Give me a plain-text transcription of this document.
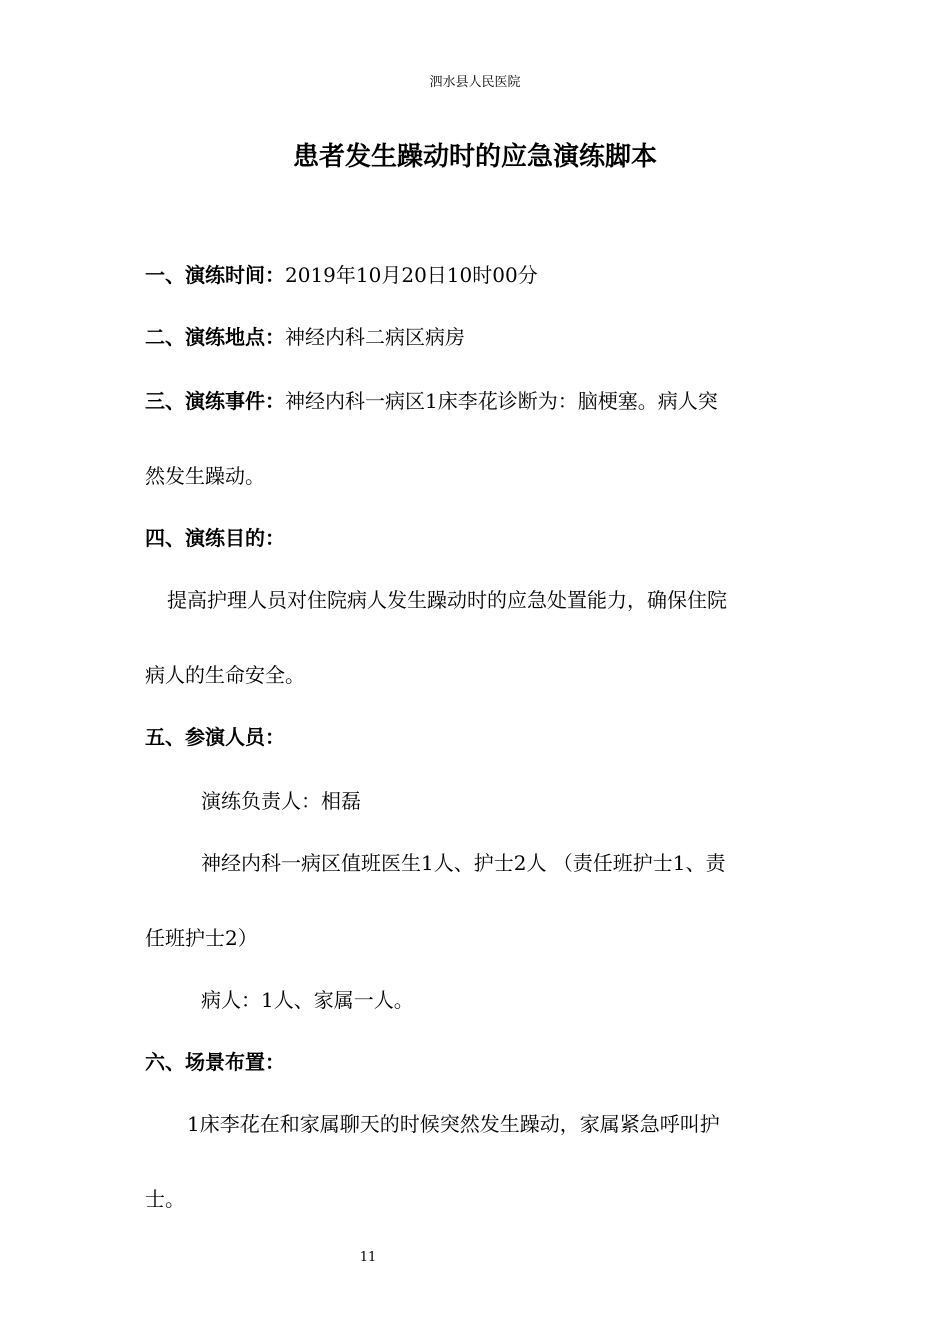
泗水县人民医院
患者发生躁动时的应急演练脚本
一、演练时间：2019年10月20日10时00分
二、演练地点：神经内科二病区病房
三、演练事件：神经内科一病区1床李花诊断为：脑梗塞。病人突
然发生躁动。
四、演练目的：
提高护理人员对住院病人发生躁动时的应急处置能力，确保住院
病人的生命安全。
五、参演人员：
演练负责人：相磊
神经内科一病区值班医生1人、护士2人 （责任班护士1、责
任班护士2）
病人：1人、家属一人。
六、场景布置：
1床李花在和家属聊天的时候突然发生躁动，家属紧急呼叫护
士。
11
